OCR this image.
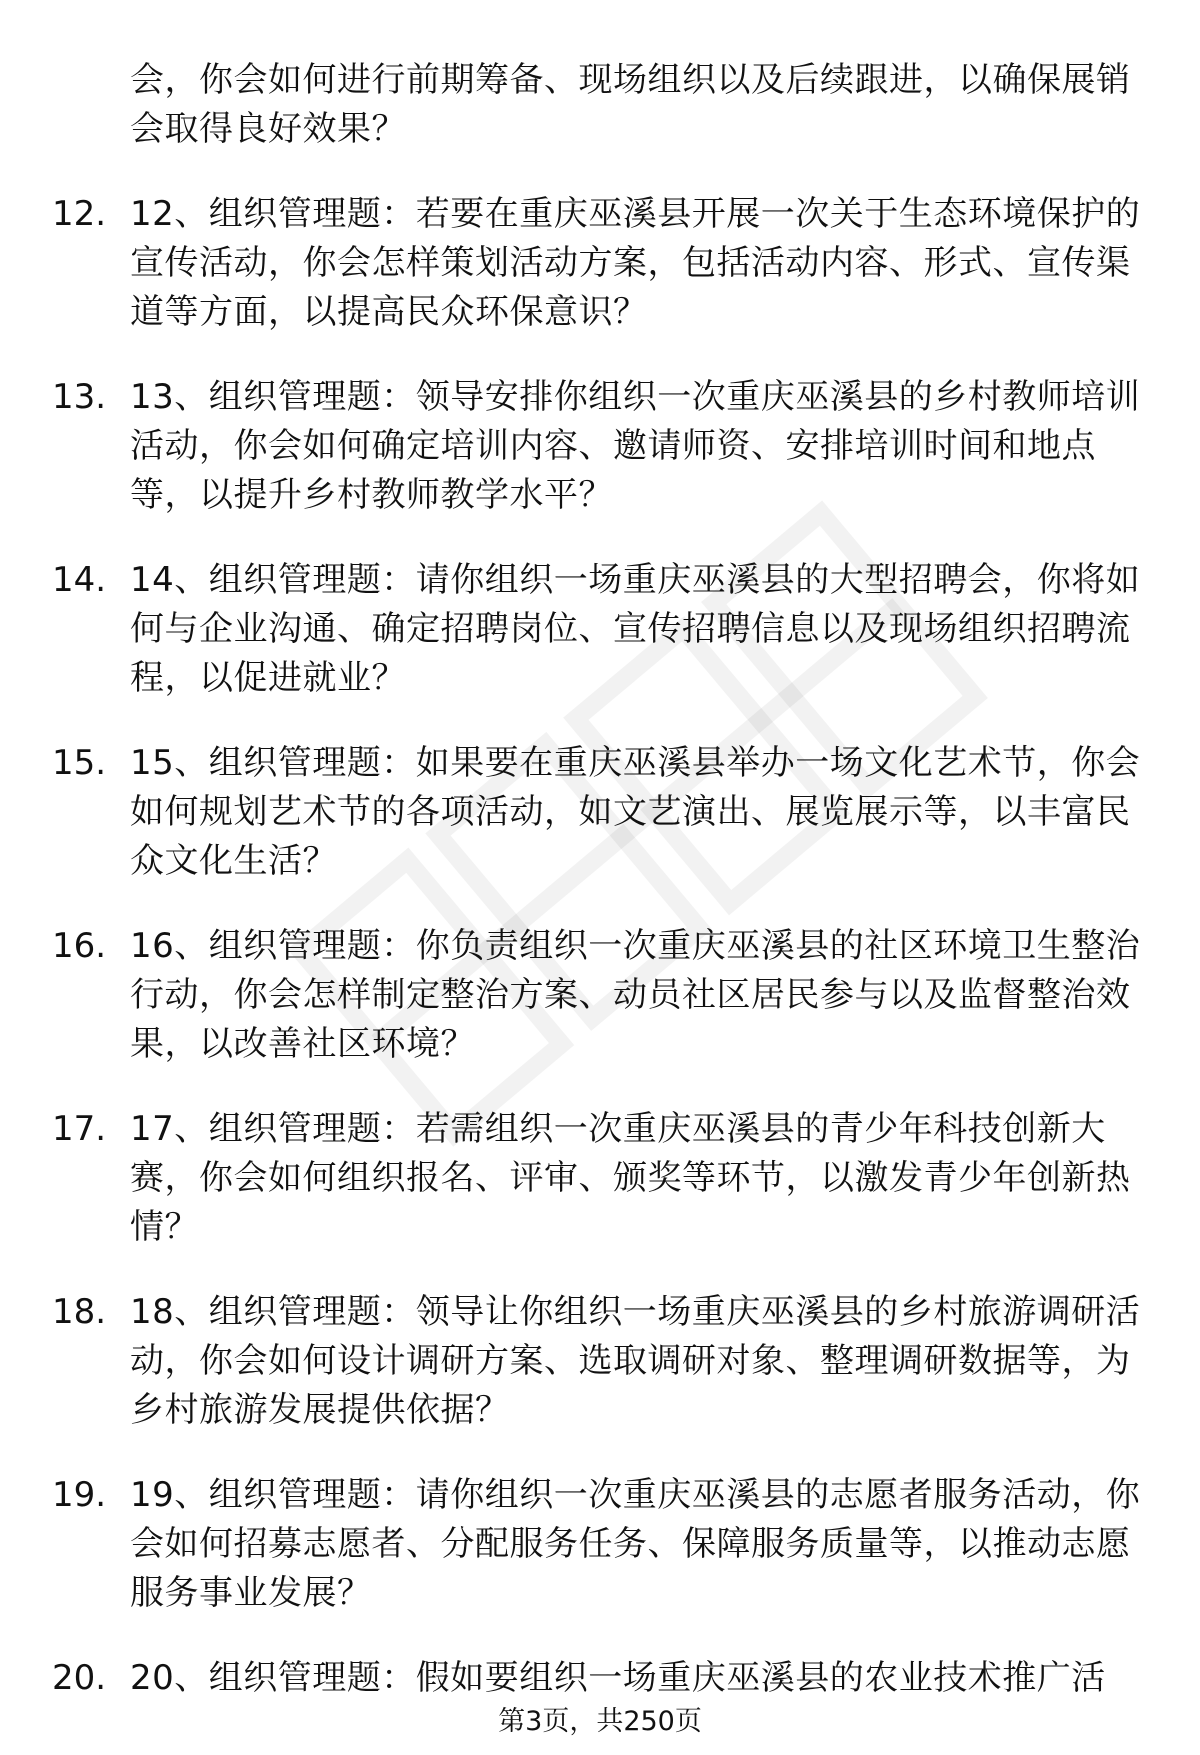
会，你会如何进行前期筹备、现场组织以及后续跟进，以确保展销会取得良好效果？
12. 12、组织管理题：若要在重庆巫溪县开展一次关于生态环境保护的宣传活动，你会怎样策划活动方案，包括活动内容、形式、宣传渠道等方面，以提高民众环保意识？
13. 13、组织管理题：领导安排你组织一次重庆巫溪县的乡村教师培训活动，你会如何确定培训内容、邀请师资、安排培训时间和地点等，以提升乡村教师教学水平？
14. 14、组织管理题：请你组织一场重庆巫溪县的大型招聘会，你将如何与企业沟通、确定招聘岗位、宣传招聘信息以及现场组织招聘流程，以促进就业？
15. 15、组织管理题：如果要在重庆巫溪县举办一场文化艺术节，你会如何规划艺术节的各项活动，如文艺演出、展览展示等，以丰富民众文化生活？
16. 16、组织管理题：你负责组织一次重庆巫溪县的社区环境卫生整治行动，你会怎样制定整治方案、动员社区居民参与以及监督整治效果，以改善社区环境？
17. 17、组织管理题：若需组织一次重庆巫溪县的青少年科技创新大赛，你会如何组织报名、评审、颁奖等环节，以激发青少年创新热情？
18. 18、组织管理题：领导让你组织一场重庆巫溪县的乡村旅游调研活动，你会如何设计调研方案、选取调研对象、整理调研数据等，为乡村旅游发展提供依据？
19. 19、组织管理题：请你组织一次重庆巫溪县的志愿者服务活动，你会如何招募志愿者、分配服务任务、保障服务质量等，以推动志愿服务事业发展？
20. 20、组织管理题：假如要组织一场重庆巫溪县的农业技术推广活
第3页，共250页
